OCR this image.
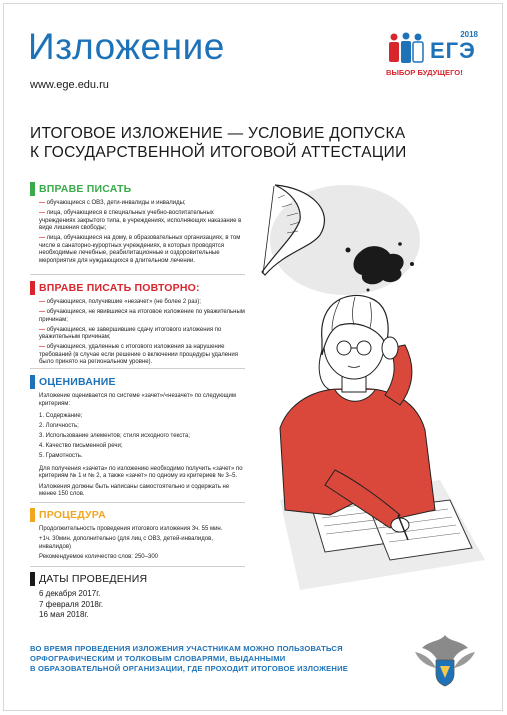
Изложение
www.ege.edu.ru
2018
ЕГЭ
ВЫБОР БУДУЩЕГО!
ИТОГОВОЕ ИЗЛОЖЕНИЕ — УСЛОВИЕ ДОПУСКА
К ГОСУДАРСТВЕННОЙ ИТОГОВОЙ АТТЕСТАЦИИ
ВПРАВЕ ПИСАТЬ

— обучающиеся с ОВЗ, дети-инвалиды и инвалиды;

— лица, обучающиеся в специальных учебно-воспитательных учреждениях закрытого типа, в учреждениях, исполняющих наказание в виде лишения свободы;

— лица, обучающиеся на дому, в образовательных организациях, в том числе в санаторно-курортных учреждениях, в которых проводятся необходимые лечебные, реабилитационные и оздоровительные мероприятия для нуждающихся в длительном лечении.

ВПРАВЕ ПИСАТЬ ПОВТОРНО:

— обучающиеся, получившие «незачет» (не более 2 раз);

— обучающиеся, не явившиеся на итоговое изложение по уважительным причинам;

— обучающиеся, не завершившие сдачу итогового изложения по уважительным причинам;

— обучающиеся, удаленные с итогового изложения за нарушение требований (в случае если решение о включении процедуры удаления было принято на региональном уровне).

ОЦЕНИВАНИЕ

Изложение оценивается по системе «зачет»/«незачет» по следующим критериям:

1. Содержание;

2. Логичность;

3. Использование элементов; стиля исходного текста;

4. Качество письменной речи;

5. Грамотность.

Для получения «зачета» по изложению необходимо получить «зачет» по критериям № 1 и № 2, а также «зачет» по одному из критериев № 3–5.

Изложения должны быть написаны самостоятельно и содержать не менее 150 слов.

ПРОЦЕДУРА

Продолжительность проведения итогового изложения 3ч. 55 мин.

+1ч. 30мин. дополнительно (для лиц с ОВЗ, детей-инвалидов, инвалидов)

Рекомендуемое количество слов: 250–300

ДАТЫ ПРОВЕДЕНИЯ
6 декабря 2017г.
7 февраля 2018г.
16 мая 2018г.
ВО ВРЕМЯ ПРОВЕДЕНИЯ ИЗЛОЖЕНИЯ УЧАСТНИКАМ МОЖНО ПОЛЬЗОВАТЬСЯ
ОРФОГРАФИЧЕСКИМ И ТОЛКОВЫМ СЛОВАРЯМИ, ВЫДАННЫМИ
В ОБРАЗОВАТЕЛЬНОЙ ОРГАНИЗАЦИИ, ГДЕ ПРОХОДИТ ИТОГОВОЕ ИЗЛОЖЕНИЕ
